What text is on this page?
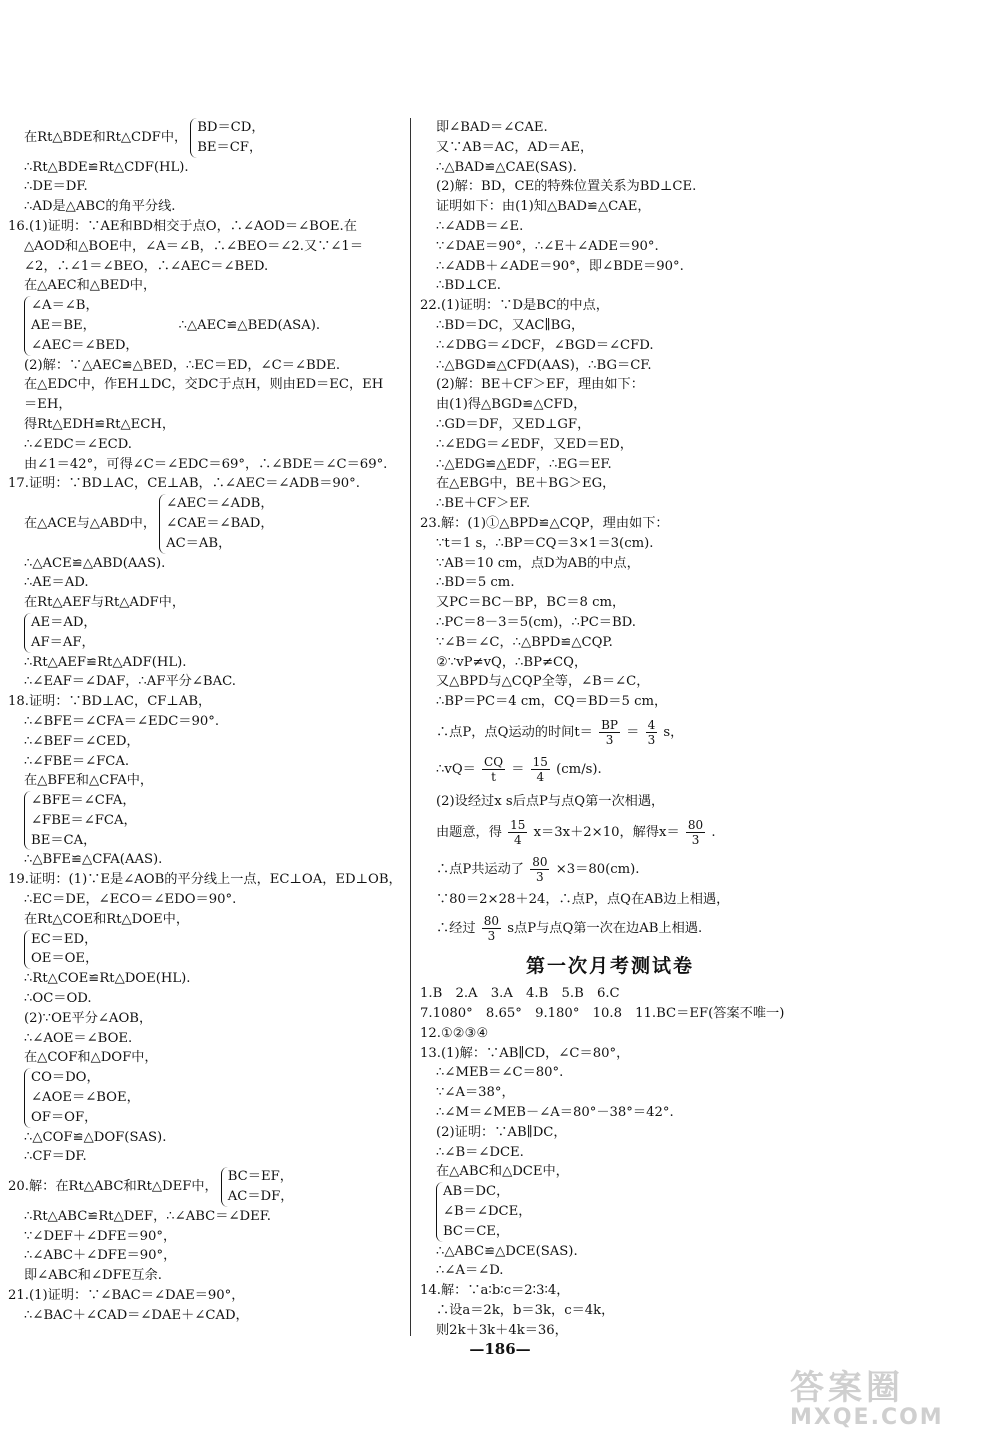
在Rt△BDE和Rt△CDF中，
BD＝CD，
BE＝CF，
∴Rt△BDE≌Rt△CDF(HL).
∴DE＝DF.
∴AD是△ABC的角平分线.
16.(1)证明：∵AE和BD相交于点O，∴∠AOD＝∠BOE.在
△AOD和△BOE中，∠A＝∠B，∴∠BEO＝∠2.又∵∠1＝
∠2，∴∠1＝∠BEO，∴∠AEC＝∠BED.
在△AEC和△BED中，
∠A＝∠B，
AE＝BE，
∠AEC＝∠BED，
∴△AEC≌△BED(ASA).
(2)解：∵△AEC≌△BED，∴EC＝ED，∠C＝∠BDE.
在△EDC中，作EH⊥DC，交DC于点H，则由ED＝EC，EH
＝EH，
得Rt△EDH≌Rt△ECH，
∴∠EDC＝∠ECD.
由∠1＝42°，可得∠C＝∠EDC＝69°，∴∠BDE＝∠C＝69°.
17.证明：∵BD⊥AC，CE⊥AB，∴∠AEC＝∠ADB＝90°.
在△ACE与△ABD中，
∠AEC＝∠ADB，
∠CAE＝∠BAD，
AC＝AB，
∴△ACE≌△ABD(AAS).
∴AE＝AD.
在Rt△AEF与Rt△ADF中，
AE＝AD，
AF＝AF，
∴Rt△AEF≌Rt△ADF(HL).
∴∠EAF＝∠DAF，∴AF平分∠BAC.
18.证明：∵BD⊥AC，CF⊥AB，
∴∠BFE＝∠CFA＝∠EDC＝90°.
∴∠BEF＝∠CED，
∴∠FBE＝∠FCA.
在△BFE和△CFA中，
∠BFE＝∠CFA，
∠FBE＝∠FCA，
BE＝CA，
∴△BFE≌△CFA(AAS).
19.证明：(1)∵E是∠AOB的平分线上一点，EC⊥OA，ED⊥OB，
∴EC＝DE，∠ECO＝∠EDO＝90°.
在Rt△COE和Rt△DOE中，
EC＝ED，
OE＝OE，
∴Rt△COE≌Rt△DOE(HL).
∴OC＝OD.
(2)∵OE平分∠AOB，
∴∠AOE＝∠BOE.
在△COF和△DOF中，
CO＝DO，
∠AOE＝∠BOE，
OF＝OF，
∴△COF≌△DOF(SAS).
∴CF＝DF.
20.解：在Rt△ABC和Rt△DEF中，
BC＝EF，
AC＝DF，
∴Rt△ABC≌Rt△DEF，∴∠ABC＝∠DEF.
∵∠DEF＋∠DFE＝90°，
∴∠ABC＋∠DFE＝90°，
即∠ABC和∠DFE互余.
21.(1)证明：∵∠BAC＝∠DAE＝90°，
∴∠BAC＋∠CAD＝∠DAE＋∠CAD，
即∠BAD＝∠CAE.
又∵AB＝AC，AD＝AE，
∴△BAD≌△CAE(SAS).
(2)解：BD，CE的特殊位置关系为BD⊥CE.
证明如下：由(1)知△BAD≌△CAE，
∴∠ADB＝∠E.
∵∠DAE＝90°，∴∠E＋∠ADE＝90°.
∴∠ADB＋∠ADE＝90°，即∠BDE＝90°.
∴BD⊥CE.
22.(1)证明：∵D是BC的中点，
∴BD＝DC，又AC∥BG，
∴∠DBG＝∠DCF，∠BGD＝∠CFD.
∴△BGD≌△CFD(AAS)，∴BG＝CF.
(2)解：BE＋CF＞EF，理由如下：
由(1)得△BGD≌△CFD，
∴GD＝DF，又ED⊥GF，
∴∠EDG＝∠EDF，又ED＝ED，
∴△EDG≌△EDF，∴EG＝EF.
在△EBG中，BE＋BG＞EG，
∴BE＋CF＞EF.
23.解：(1)①△BPD≌△CQP，理由如下：
∵t＝1 s，∴BP＝CQ＝3×1＝3(cm).
∵AB＝10 cm，点D为AB的中点，
∴BD＝5 cm.
又PC＝BC－BP，BC＝8 cm，
∴PC＝8－3＝5(cm)，∴PC＝BD.
∵∠B＝∠C，∴△BPD≌△CQP.
②∵vP≠vQ，∴BP≠CQ，
又△BPD与△CQP全等，∠B＝∠C，
∴BP＝PC＝4 cm，CQ＝BD＝5 cm，
∴点P，点Q运动的时间$t= \frac{BP}{3} = \frac{4}{3}$ s，
∴vQ＝ $\frac{CQ}{t} = \frac{15}{4} (cm/s)$.
(2)设经过x s后点P与点Q第一次相遇，
由题意，得 $\frac{15}{4} x=3x+2\times 10$，解得$x= \frac{80}{3}$ .
∴点P共运动了 $\frac{80}{3} \times 3=80(cm)$.
∵80＝2×28＋24，∴点P，点Q在AB边上相遇，
∴经过 $\frac{80}{3}$ s点P与点Q第一次在边AB上相遇.
第一次月考测试卷
1.B　2.A　3.A　4.B　5.B　6.C
7.1080°　8.65°　9.180°　10.8　11.BC＝EF(答案不唯一)
12.①②③④
13.(1)解：∵AB∥CD，∠C＝80°，
∴∠MEB＝∠C＝80°.
∵∠A＝38°，
∴∠M＝∠MEB－∠A＝80°－38°＝42°.
(2)证明：∵AB∥DC，
∴∠B＝∠DCE.
在△ABC和△DCE中，
AB＝DC，
∠B＝∠DCE，
BC＝CE，
∴△ABC≌△DCE(SAS).
∴∠A＝∠D.
14.解：∵a∶b∶c＝2∶3∶4，
∴设a＝2k，b＝3k，c＝4k，
则2k＋3k＋4k＝36，
—186—
答案圈
MXQE.COM
